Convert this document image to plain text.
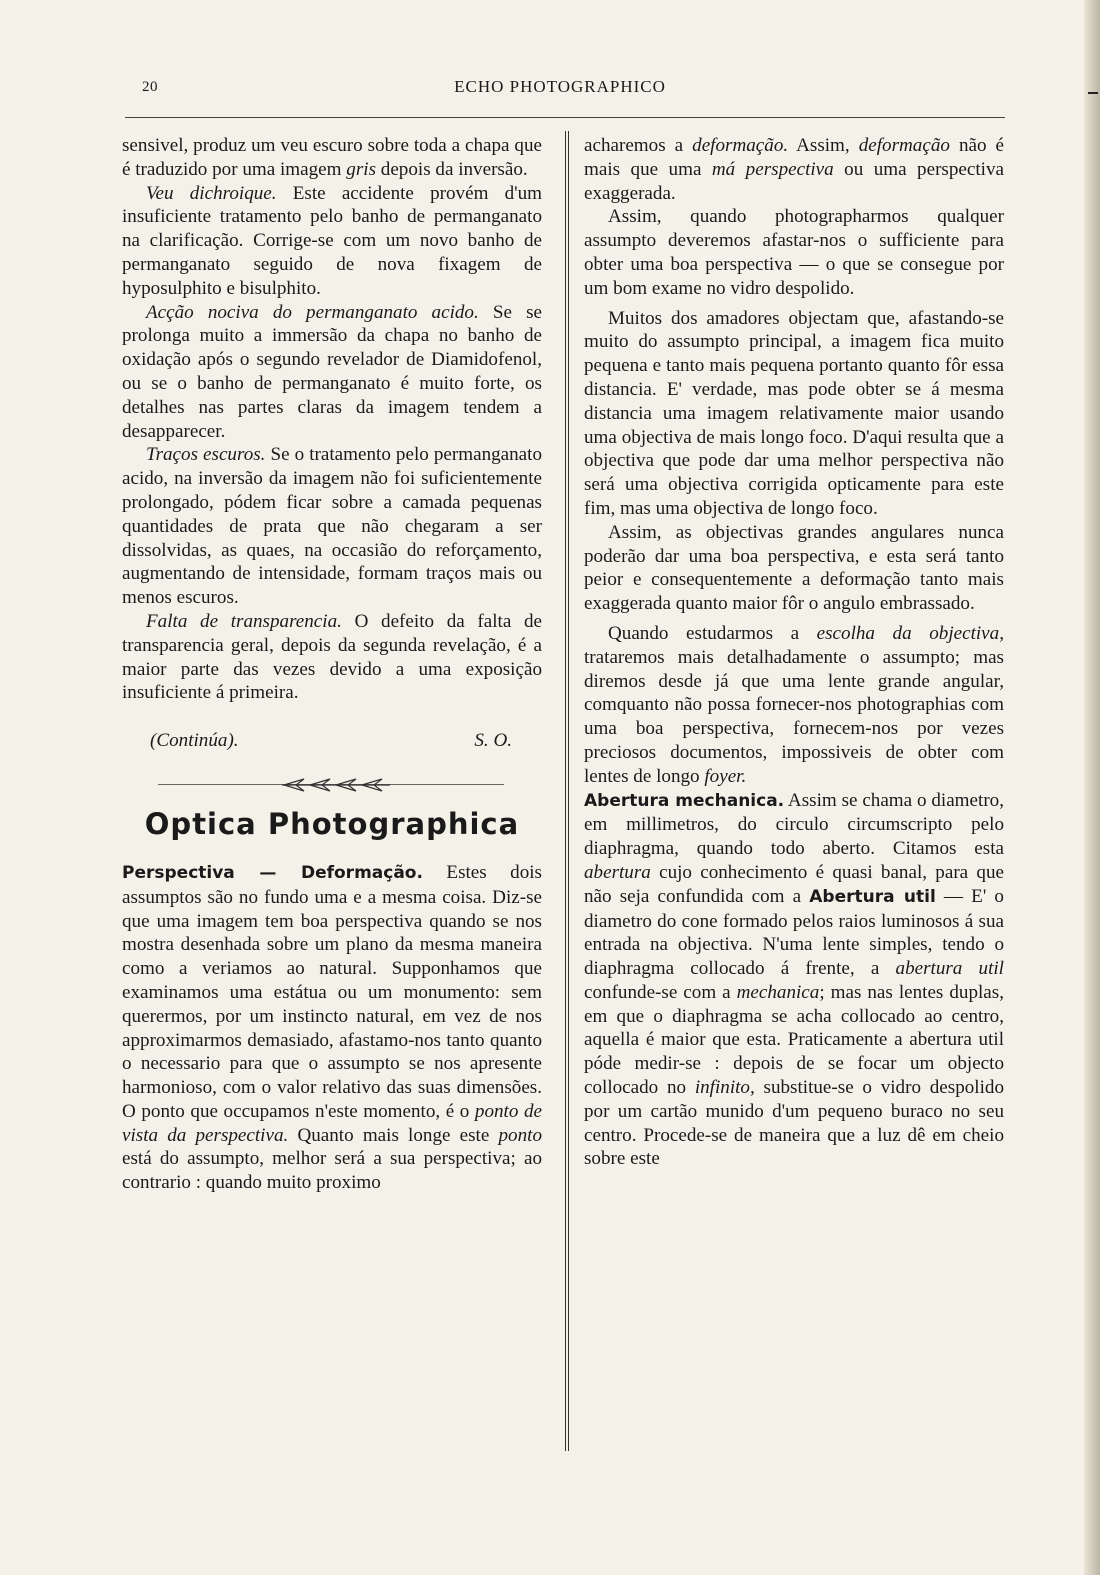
20	ECHO PHOTOGRAPHICO

sensivel, produz um veu escuro sobre toda a chapa que é traduzido por uma imagem gris depois da inversão.

Veu dichroique. Este accidente provém d'um insuficiente tratamento pelo banho de permanganato na clarificação. Corrige-se com um novo banho de permanganato seguido de nova fixagem de hyposulphito e bisulphito.

Acção nociva do permanganato acido. Se se prolonga muito a immersão da chapa no banho de oxidação após o segundo revelador de Diamidofenol, ou se o banho de permanganato é muito forte, os detalhes nas partes claras da imagem tendem a desapparecer.

Traços escuros. Se o tratamento pelo permanganato acido, na inversão da imagem não foi suficientemente prolongado, pódem ficar sobre a camada pequenas quantidades de prata que não chegaram a ser dissolvidas, as quaes, na occasião do reforçamento, augmentando de intensidade, formam traços mais ou menos escuros.

Falta de transparencia. O defeito da falta de transparencia geral, depois da segunda revelação, é a maior parte das vezes devido a uma exposição insuficiente á primeira.

(Continúa).	S. O.
Optica Photographica

Perspectiva — Deformação. Estes dois assumptos são no fundo uma e a mesma coisa. Diz-se que uma imagem tem boa perspectiva quando se nos mostra desenhada sobre um plano da mesma maneira como a veriamos ao natural. Supponhamos que examinamos uma estátua ou um monumento: sem querermos, por um instincto natural, em vez de nos approximarmos demasiado, afastamo-nos tanto quanto o necessario para que o assumpto se nos apresente harmonioso, com o valor relativo das suas dimensões. O ponto que occupamos n'este momento, é o ponto de vista da perspectiva. Quanto mais longe este ponto está do assumpto, melhor será a sua perspectiva; ao contrario : quando muito proximo

acharemos a deformação. Assim, deformação não é mais que uma má perspectiva ou uma perspectiva exaggerada.

Assim, quando photographarmos qualquer assumpto deveremos afastar-nos o sufficiente para obter uma boa perspectiva — o que se consegue por um bom exame no vidro despolido.

Muitos dos amadores objectam que, afastando-se muito do assumpto principal, a imagem fica muito pequena e tanto mais pequena portanto quanto fôr essa distancia. E' verdade, mas pode obter se á mesma distancia uma imagem relativamente maior usando uma objectiva de mais longo foco. D'aqui resulta que a objectiva que pode dar uma melhor perspectiva não será uma objectiva corrigida opticamente para este fim, mas uma objectiva de longo foco.

Assim, as objectivas grandes angulares nunca poderão dar uma boa perspectiva, e esta será tanto peior e consequentemente a deformação tanto mais exaggerada quanto maior fôr o angulo embrassado.

Quando estudarmos a escolha da objectiva, trataremos mais detalhadamente o assumpto; mas diremos desde já que uma lente grande angular, comquanto não possa fornecer-nos photographias com uma boa perspectiva, fornecem-nos por vezes preciosos documentos, impossiveis de obter com lentes de longo foyer.

Abertura mechanica. Assim se chama o diametro, em millimetros, do circulo circumscripto pelo diaphragma, quando todo aberto. Citamos esta abertura cujo conhecimento é quasi banal, para que não seja confundida com a Abertura util — E' o diametro do cone formado pelos raios luminosos á sua entrada na objectiva. N'uma lente simples, tendo o diaphragma collocado á frente, a abertura util confunde-se com a mechanica; mas nas lentes duplas, em que o diaphragma se acha collocado ao centro, aquella é maior que esta. Praticamente a abertura util póde medir-se : depois de se focar um objecto collocado no infinito, substitue-se o vidro despolido por um cartão munido d'um pequeno buraco no seu centro. Procede-se de maneira que a luz dê em cheio sobre este
